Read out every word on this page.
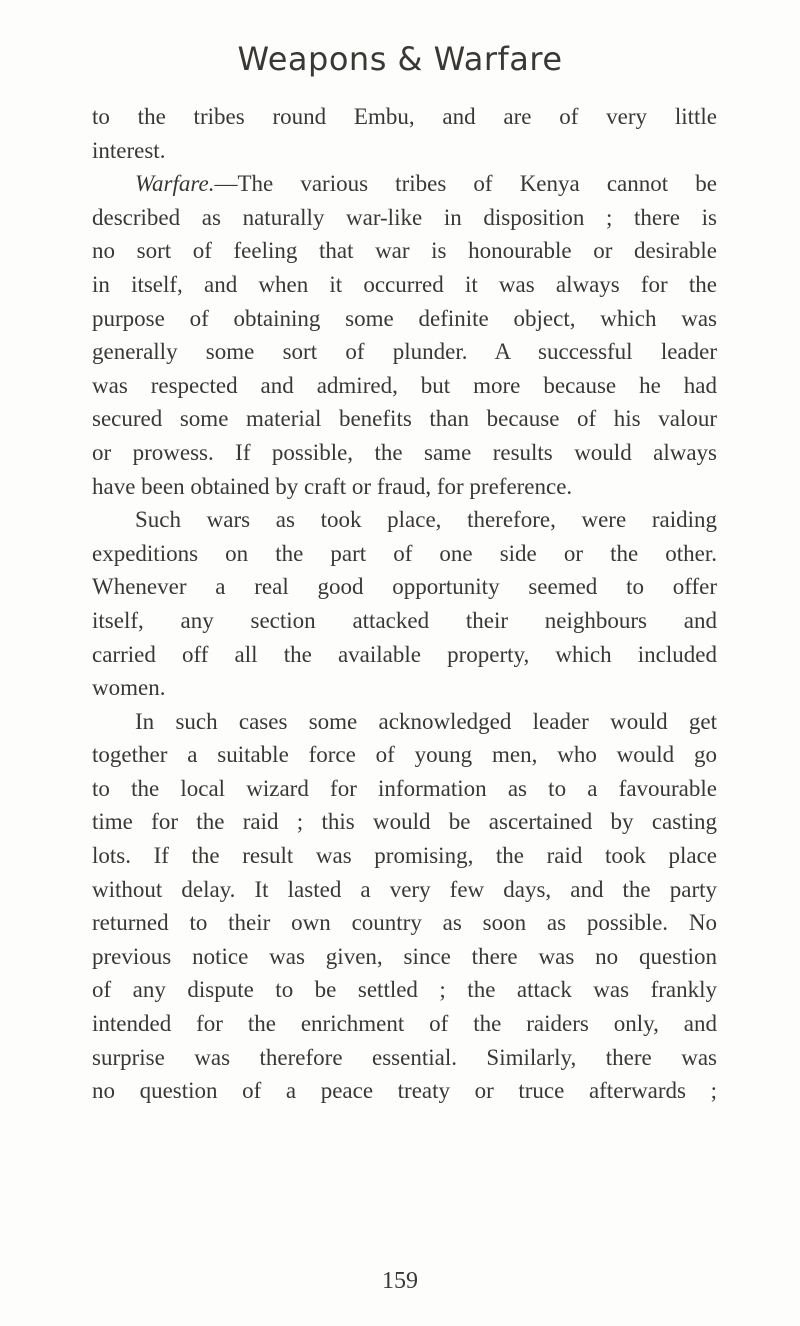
Weapons & Warfare
to the tribes round Embu, and are of very little
interest.
Warfare.—The various tribes of Kenya cannot be
described as naturally war-like in disposition ; there is
no sort of feeling that war is honourable or desirable
in itself, and when it occurred it was always for the
purpose of obtaining some definite object, which was
generally some sort of plunder. A successful leader
was respected and admired, but more because he had
secured some material benefits than because of his valour
or prowess. If possible, the same results would always
have been obtained by craft or fraud, for preference.
Such wars as took place, therefore, were raiding
expeditions on the part of one side or the other.
Whenever a real good opportunity seemed to offer
itself, any section attacked their neighbours and
carried off all the available property, which included
women.
In such cases some acknowledged leader would get
together a suitable force of young men, who would go
to the local wizard for information as to a favourable
time for the raid ; this would be ascertained by casting
lots. If the result was promising, the raid took place
without delay. It lasted a very few days, and the party
returned to their own country as soon as possible. No
previous notice was given, since there was no question
of any dispute to be settled ; the attack was frankly
intended for the enrichment of the raiders only, and
surprise was therefore essential. Similarly, there was
no question of a peace treaty or truce afterwards ;
159
